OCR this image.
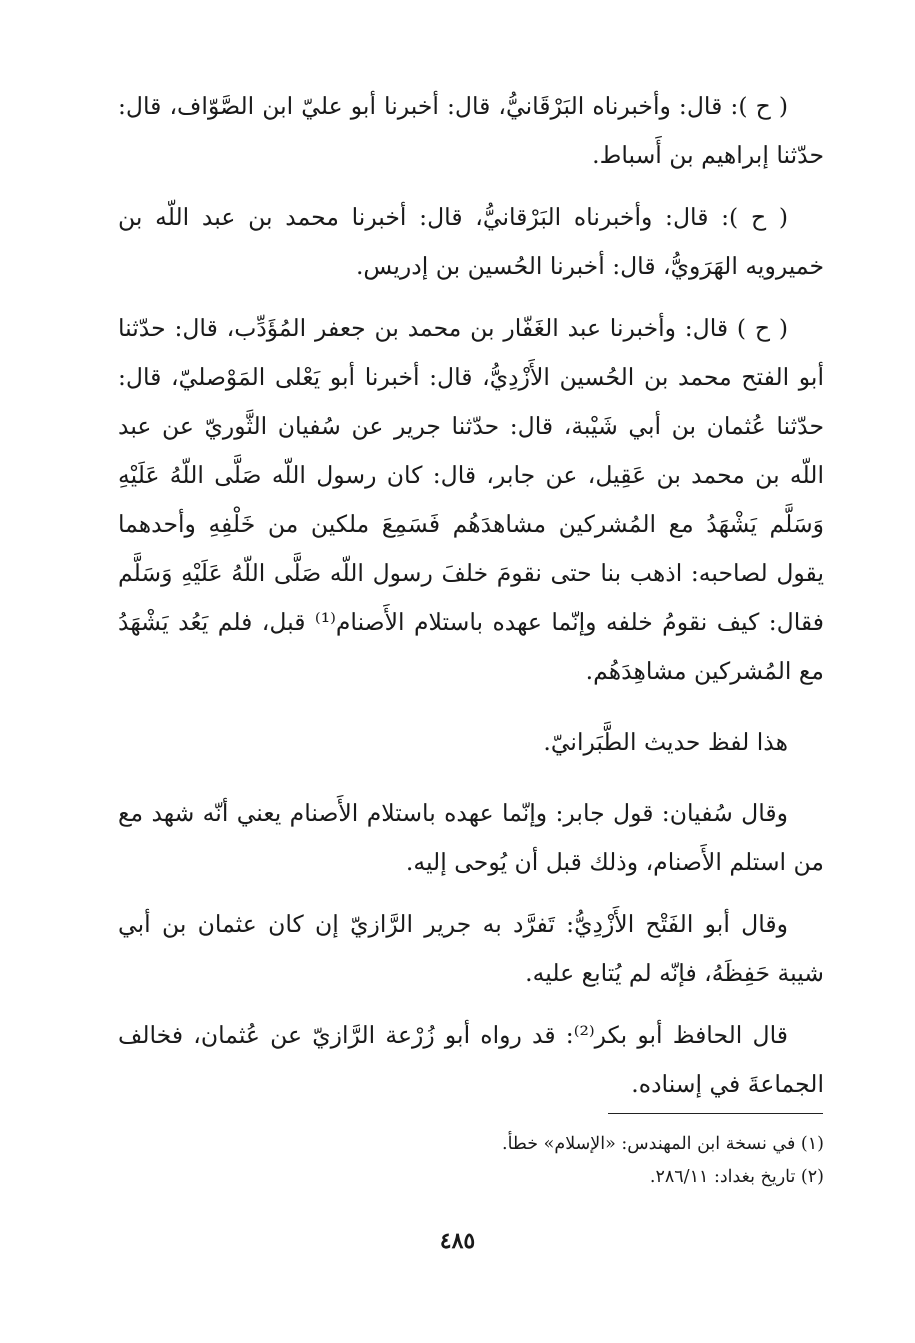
( ح ): قال: وأخبرناه البَرْقَانيُّ، قال: أخبرنا أبو عليّ ابن الصَّوّاف، قال: حدّثنا إبراهيم بن أَسباط.

( ح ): قال: وأخبرناه البَرْقانيُّ، قال: أخبرنا محمد بن عبد اللّه بن خميرويه الهَرَويُّ، قال: أخبرنا الحُسين بن إدريس.

( ح ) قال: وأخبرنا عبد الغَفّار بن محمد بن جعفر المُؤَدِّب، قال: حدّثنا أبو الفتح محمد بن الحُسين الأَزْدِيُّ، قال: أخبرنا أبو يَعْلى المَوْصليّ، قال: حدّثنا عُثمان بن أبي شَيْبة، قال: حدّثنا جرير عن سُفيان الثَّوريّ عن عبد اللّه بن محمد بن عَقِيل، عن جابر، قال: كان رسول اللّه صَلَّى اللّهُ عَلَيْهِ وَسَلَّم يَشْهَدُ مع المُشركين مشاهدَهُم فَسَمِعَ ملكين من خَلْفِهِ وأحدهما يقول لصاحبه: اذهب بنا حتى نقومَ خلفَ رسول اللّه صَلَّى اللّهُ عَلَيْهِ وَسَلَّم فقال: كيف نقومُ خلفه وإنّما عهده باستلام الأَصنام⁽¹⁾ قبل، فلم يَعُد يَشْهَدُ مع المُشركين مشاهِدَهُم.

هذا لفظ حديث الطَّبَرانيّ.

وقال سُفيان: قول جابر: وإنّما عهده باستلام الأَصنام يعني أنّه شهد مع من استلم الأَصنام، وذلك قبل أن يُوحى إليه.

وقال أبو الفَتْح الأَزْدِيُّ: تَفرَّد به جرير الرَّازيّ إن كان عثمان بن أبي شيبة حَفِظَهُ، فإنّه لم يُتابع عليه.

قال الحافظ أبو بكر⁽²⁾: قد رواه أبو زُرْعة الرَّازيّ عن عُثمان، فخالف الجماعةَ في إسناده.

(١) في نسخة ابن المهندس: «الإسلام» خطأ.

(٢) تاريخ بغداد: ٢٨٦/١١.

٤٨٥
